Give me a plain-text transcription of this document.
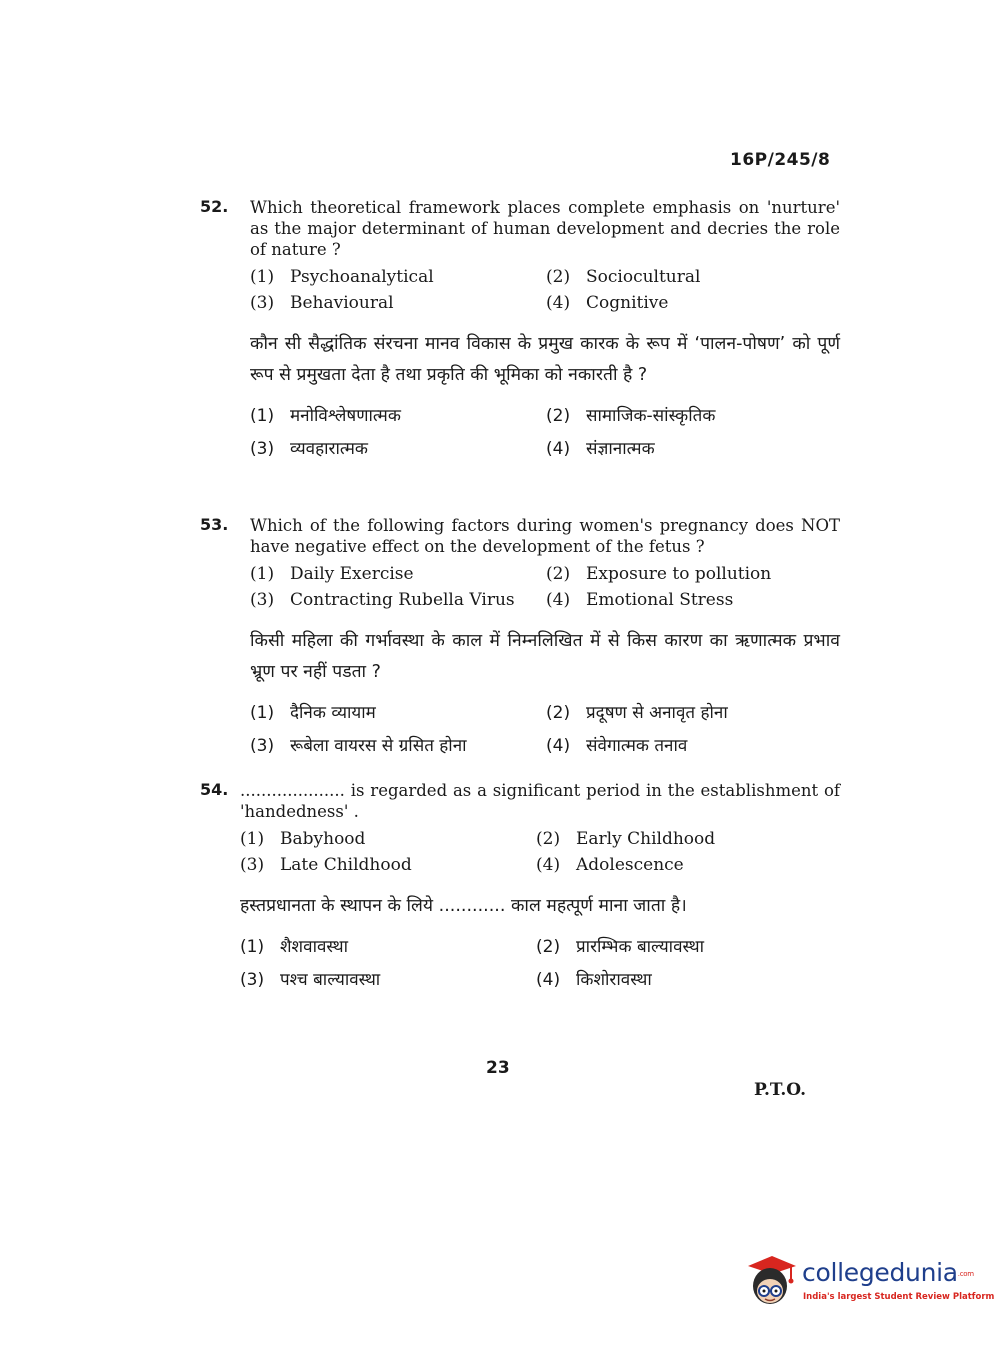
16P/245/8
52. Which theoretical framework places complete emphasis on 'nurture' as the major determinant of human development and decries the role of nature ?

(1) Psychoanalytical	(2) Sociocultural
(3) Behavioural	(4) Cognitive

कौन सी सैद्धांतिक संरचना मानव विकास के प्रमुख कारक के रूप में ‘पालन-पोषण’ को पूर्ण रूप से प्रमुखता देता है तथा प्रकृति की भूमिका को नकारती है ?

(1) मनोविश्लेषणात्मक	(2) सामाजिक-सांस्कृतिक
(3) व्यवहारात्मक	(4) संज्ञानात्मक
53. Which of the following factors during women's pregnancy does NOT have negative effect on the development of the fetus ?

(1) Daily Exercise	(2) Exposure to pollution
(3) Contracting Rubella Virus (4) Emotional Stress

किसी महिला की गर्भावस्था के काल में निम्नलिखित में से किस कारण का ऋणात्मक प्रभाव भ्रूण पर नहीं पडता ?

(1) दैनिक व्यायाम	(2) प्रदूषण से अनावृत होना
(3) रूबेला वायरस से ग्रसित होना	(4) संवेगात्मक तनाव
54. .................... is regarded as a significant period in the establishment of 'handedness' .

(1) Babyhood	(2) Early Childhood
(3) Late Childhood	(4) Adolescence

हस्तप्रधानता के स्थापन के लिये ............ काल महत्पूर्ण माना जाता है।

(1) शैशवावस्था	(2) प्रारम्भिक बाल्यावस्था
(3) पश्च बाल्यावस्था	(4) किशोरावस्था
23
P.T.O.
collegedunia.com
India's largest Student Review Platform
